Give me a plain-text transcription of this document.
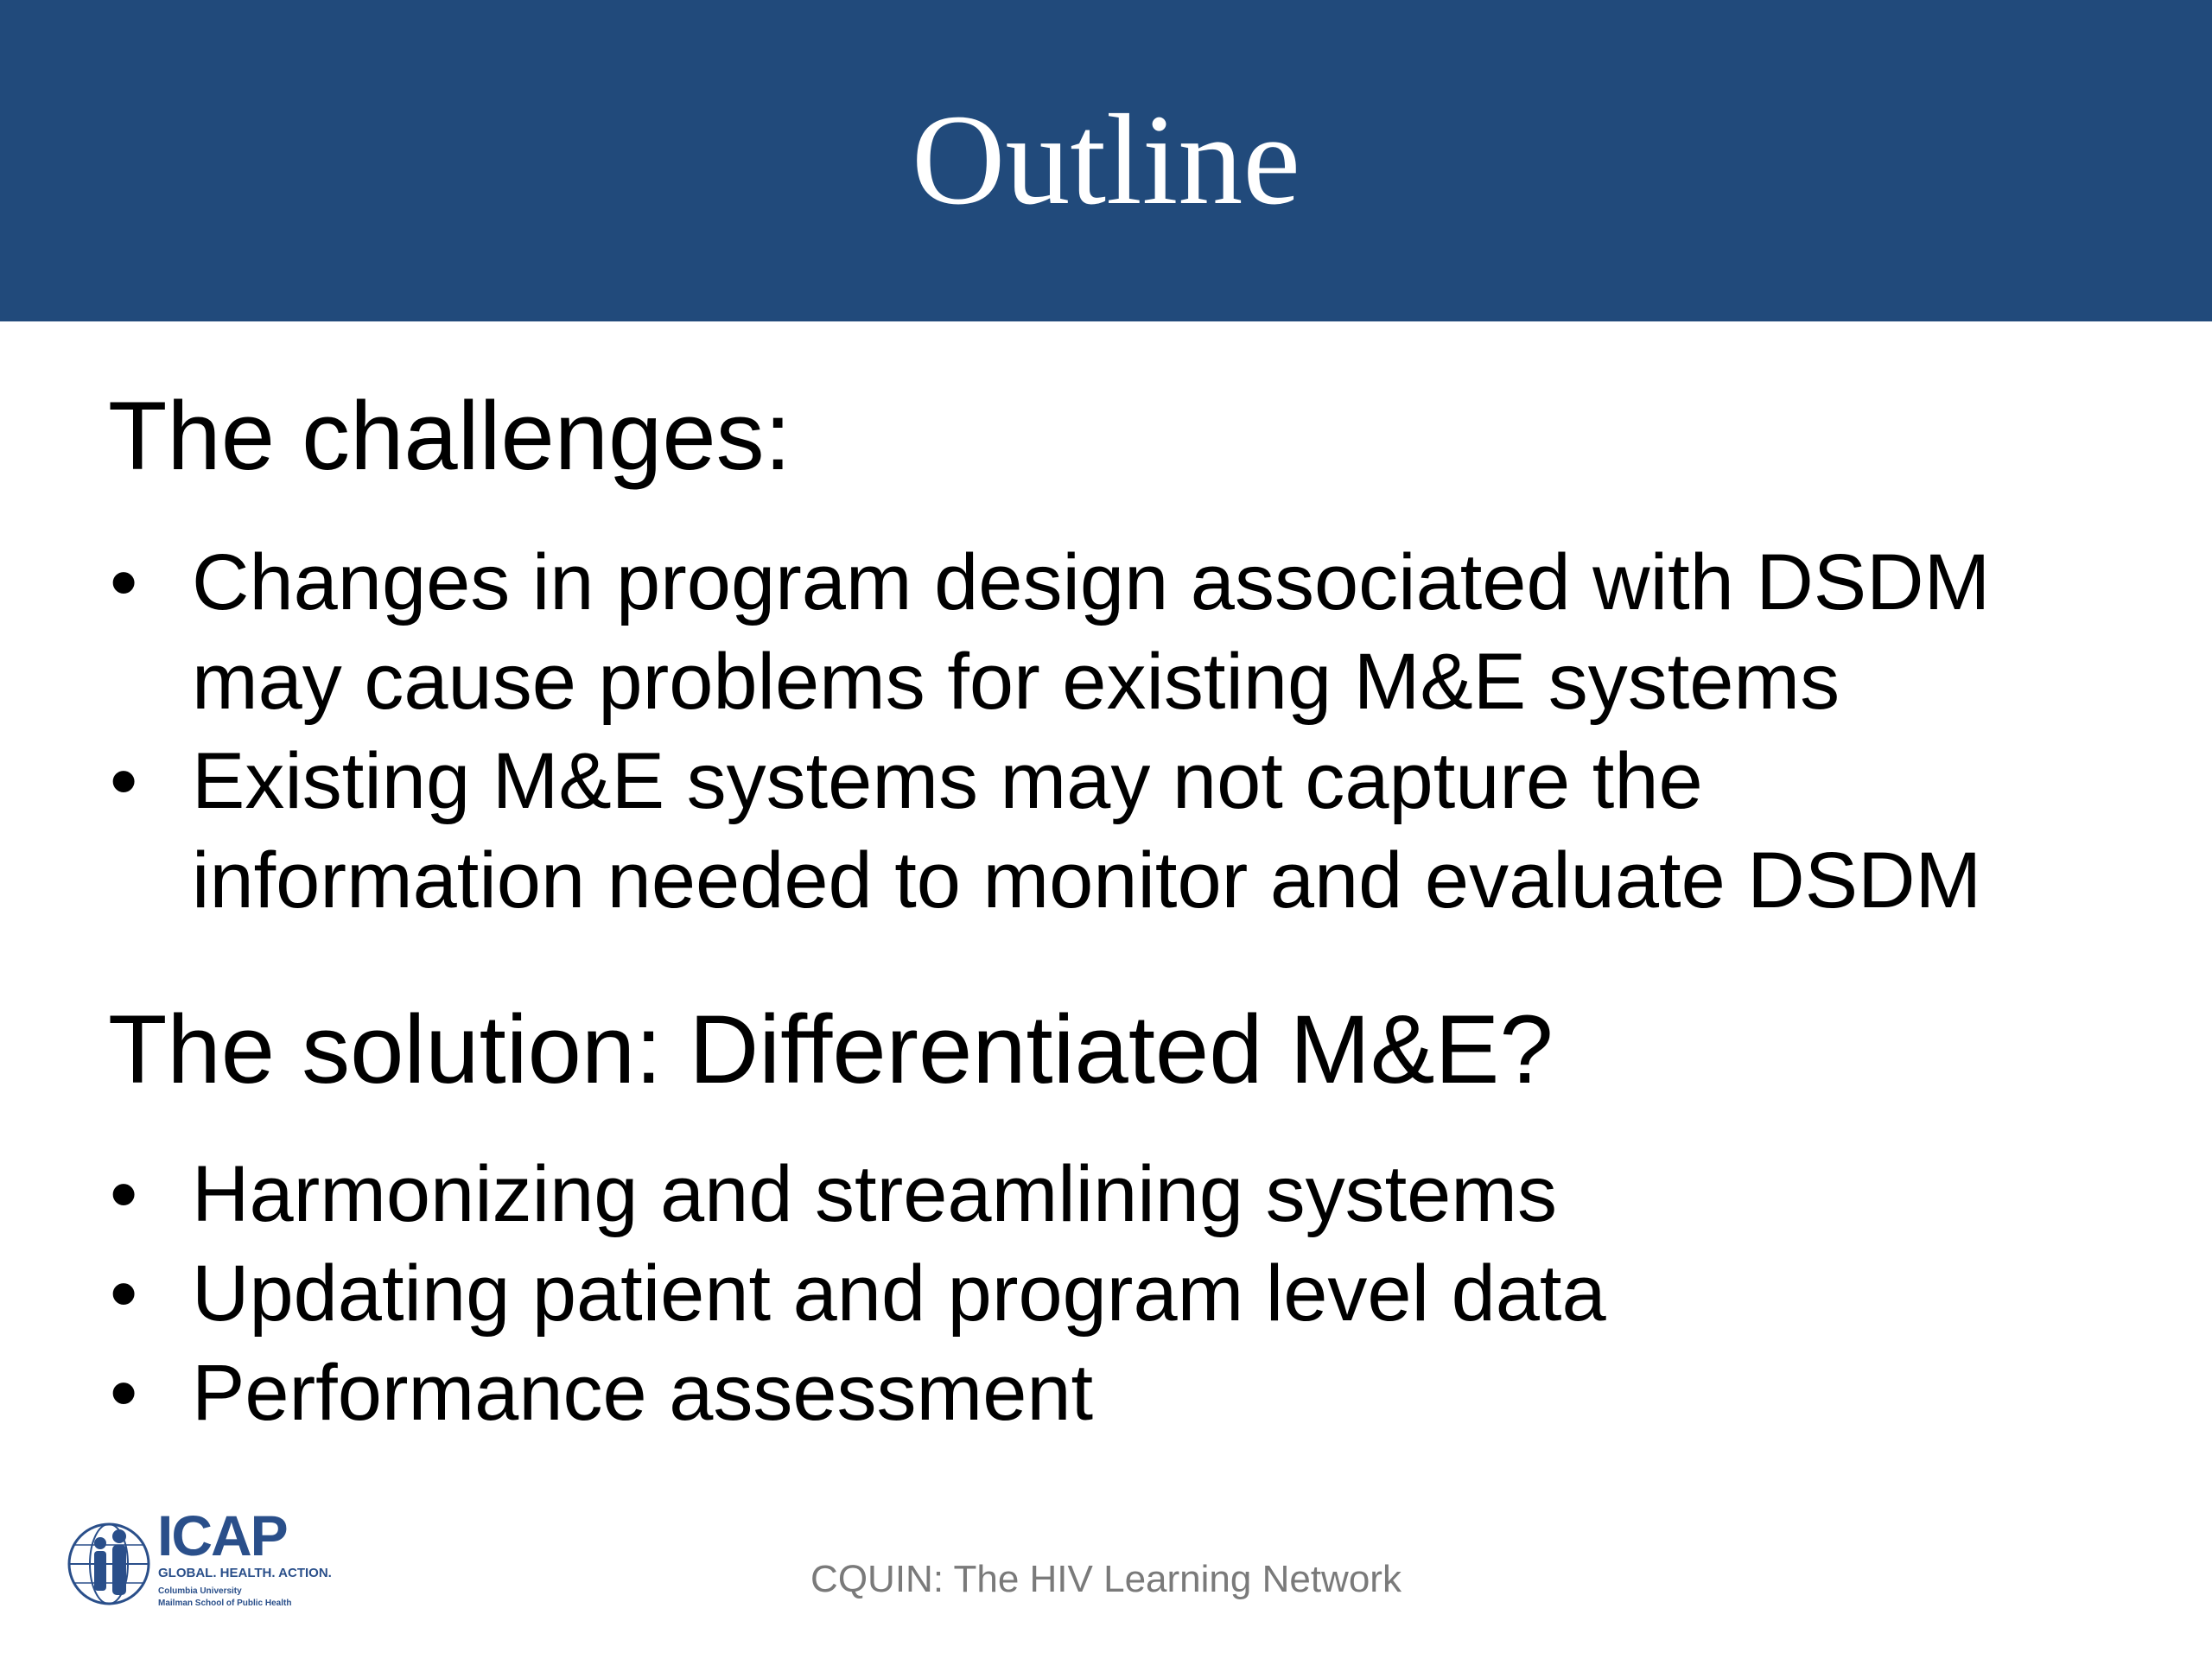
Outline
The challenges:
• Changes in program design associated with DSDM
may cause problems for existing M&E systems
• Existing M&E systems may not capture the
information needed to monitor and evaluate DSDM
The solution: Differentiated M&E?
• Harmonizing and streamlining systems
• Updating patient and program level data
• Performance assessment
ICAP
GLOBAL. HEALTH. ACTION.
Columbia University
Mailman School of Public Health
CQUIN: The HIV Learning Network
